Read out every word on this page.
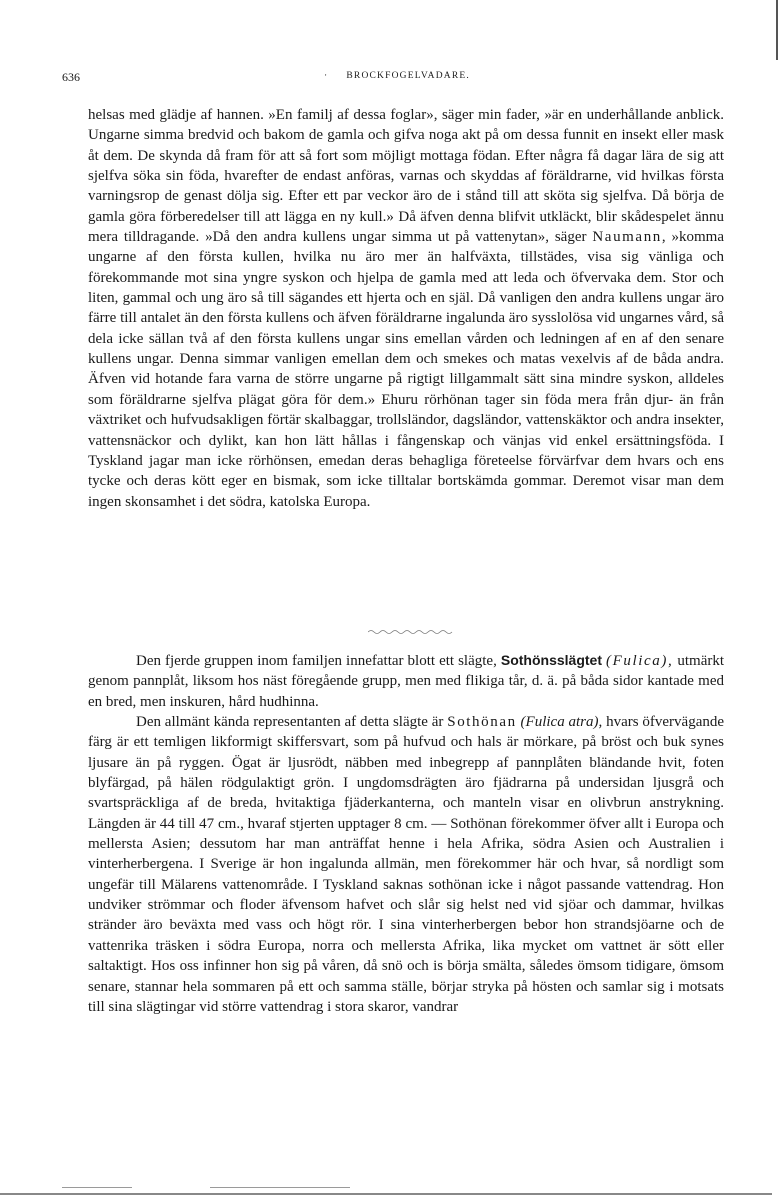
636	· BROCKFOGELVADARE.

helsas med glädje af hannen. »En familj af dessa foglar», säger min fader, »är en underhållande anblick. Ungarne simma bredvid och bakom de gamla och gifva noga akt på om dessa funnit en insekt eller mask åt dem. De skynda då fram för att så fort som möjligt mottaga födan. Efter några få dagar lära de sig att sjelfva söka sin föda, hvarefter de endast anföras, varnas och skyddas af föräldrarne, vid hvilkas första varningsrop de genast dölja sig. Efter ett par veckor äro de i stånd till att sköta sig sjelfva. Då börja de gamla göra förberedelser till att lägga en ny kull.» Då äfven denna blifvit utkläckt, blir skådespelet ännu mera tilldragande. »Då den andra kullens ungar simma ut på vattenytan», säger Naumann, »komma ungarne af den första kullen, hvilka nu äro mer än halfväxta, tillstädes, visa sig vänliga och förekommande mot sina yngre syskon och hjelpa de gamla med att leda och öfvervaka dem. Stor och liten, gammal och ung äro så till sägandes ett hjerta och en själ. Då vanligen den andra kullens ungar äro färre till antalet än den första kullens och äfven föräldrarne ingalunda äro sysslolösa vid ungarnes vård, så dela icke sällan två af den första kullens ungar sins emellan vården och ledningen af en af den senare kullens ungar. Denna simmar vanligen emellan dem och smekes och matas vexelvis af de båda andra. Äfven vid hotande fara varna de större ungarne på rigtigt lillgammalt sätt sina mindre syskon, alldeles som föräldrarne sjelfva plägat göra för dem.» Ehuru rörhönan tager sin föda mera från djur- än från växtriket och hufvudsakligen förtär skalbaggar, trollsländor, dagsländor, vattenskäktor och andra insekter, vattensnäckor och dylikt, kan hon lätt hållas i fångenskap och vänjas vid enkel ersättningsföda. I Tyskland jagar man icke rörhönsen, emedan deras behagliga företeelse förvärfvar dem hvars och ens tycke och deras kött eger en bismak, som icke tilltalar bortskämda gommar. Deremot visar man dem ingen skonsamhet i det södra, katolska Europa.

Den fjerde gruppen inom familjen innefattar blott ett slägte, Sothönsslägtet (Fulica), utmärkt genom pannplåt, liksom hos näst föregående grupp, men med flikiga tår, d. ä. på båda sidor kantade med en bred, men inskuren, hård hudhinna.

Den allmänt kända representanten af detta slägte är Sothönan (Fulica atra), hvars öfvervägande färg är ett temligen likformigt skiffersvart, som på hufvud och hals är mörkare, på bröst och buk synes ljusare än på ryggen. Ögat är ljusrödt, näbben med inbegrepp af pannplåten bländande hvit, foten blyfärgad, på hälen rödgulaktigt grön. I ungdomsdrägten äro fjädrarna på undersidan ljusgrå och svartspräckliga af de breda, hvitaktiga fjäderkanterna, och manteln visar en olivbrun anstrykning. Längden är 44 till 47 cm., hvaraf stjerten upptager 8 cm. — Sothönan förekommer öfver allt i Europa och mellersta Asien; dessutom har man anträffat henne i hela Afrika, södra Asien och Australien i vinterherbergena. I Sverige är hon ingalunda allmän, men förekommer här och hvar, så nordligt som ungefär till Mälarens vattenområde. I Tyskland saknas sothönan icke i något passande vattendrag. Hon undviker strömmar och floder äfvensom hafvet och slår sig helst ned vid sjöar och dammar, hvilkas stränder äro beväxta med vass och högt rör. I sina vinterherbergen bebor hon strandsjöarne och de vattenrika träsken i södra Europa, norra och mellersta Afrika, lika mycket om vattnet är sött eller saltaktigt. Hos oss infinner hon sig på våren, då snö och is börja smälta, således ömsom tidigare, ömsom senare, stannar hela sommaren på ett och samma ställe, börjar stryka på hösten och samlar sig i motsats till sina slägtingar vid större vattendrag i stora skaror, vandrar
